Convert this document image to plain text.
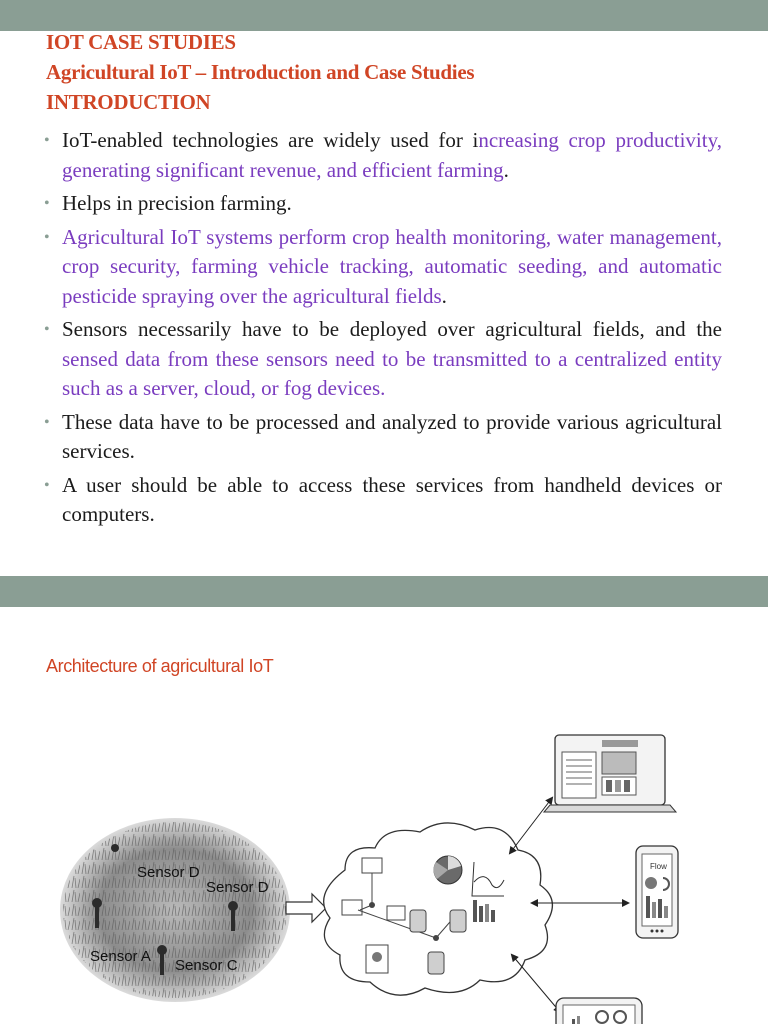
IOT CASE STUDIES
Agricultural IoT – Introduction and Case Studies
INTRODUCTION
• IoT-enabled technologies are widely used for increasing crop productivity, generating significant revenue, and efficient farming.
• Helps in precision farming.
• Agricultural IoT systems perform crop health monitoring, water management, crop security, farming vehicle tracking, automatic seeding, and automatic pesticide spraying over the agricultural fields.
• Sensors necessarily have to be deployed over agricultural fields, and the sensed data from these sensors need to be transmitted to a centralized entity such as a server, cloud, or fog devices.
• These data have to be processed and analyzed to provide various agricultural services.
• A user should be able to access these services from handheld devices or computers.
Architecture of agricultural IoT
Sensor D
Sensor D
Sensor A
Sensor C
Flow
